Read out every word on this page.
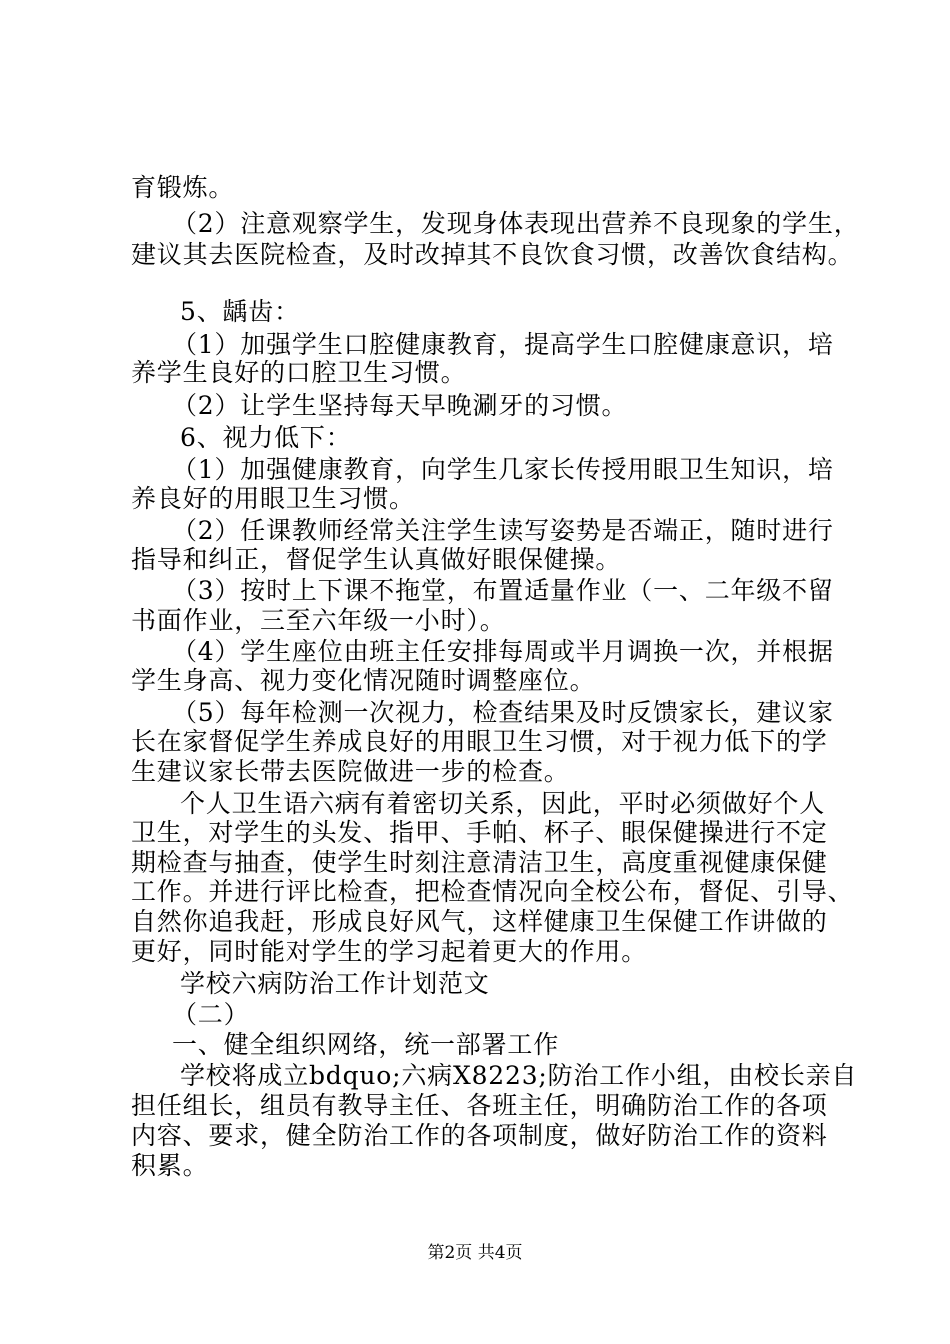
育锻炼。
（2）注意观察学生，发现身体表现出营养不良现象的学生，
建议其去医院检查，及时改掉其不良饮食习惯，改善饮食结构。
5、龋齿：
（1）加强学生口腔健康教育，提高学生口腔健康意识，培
养学生良好的口腔卫生习惯。
（2）让学生坚持每天早晚涮牙的习惯。
6、视力低下：
（1）加强健康教育，向学生几家长传授用眼卫生知识，培
养良好的用眼卫生习惯。
（2）任课教师经常关注学生读写姿势是否端正，随时进行
指导和纠正，督促学生认真做好眼保健操。
（3）按时上下课不拖堂，布置适量作业（一、二年级不留
书面作业，三至六年级一小时）。
（4）学生座位由班主任安排每周或半月调换一次，并根据
学生身高、视力变化情况随时调整座位。
（5）每年检测一次视力，检查结果及时反馈家长，建议家
长在家督促学生养成良好的用眼卫生习惯，对于视力低下的学
生建议家长带去医院做进一步的检查。
个人卫生语六病有着密切关系，因此，平时必须做好个人
卫生，对学生的头发、指甲、手帕、杯子、眼保健操进行不定
期检查与抽查，使学生时刻注意清洁卫生，高度重视健康保健
工作。并进行评比检查，把检查情况向全校公布，督促、引导、
自然你追我赶，形成良好风气，这样健康卫生保健工作讲做的
更好，同时能对学生的学习起着更大的作用。
学校六病防治工作计划范文
（二）
一、健全组织网络，统一部署工作
学校将成立bdquo;六病X8223;防治工作小组，由校长亲自
担任组长，组员有教导主任、各班主任，明确防治工作的各项
内容、要求，健全防治工作的各项制度，做好防治工作的资料
积累。
第2页 共4页
